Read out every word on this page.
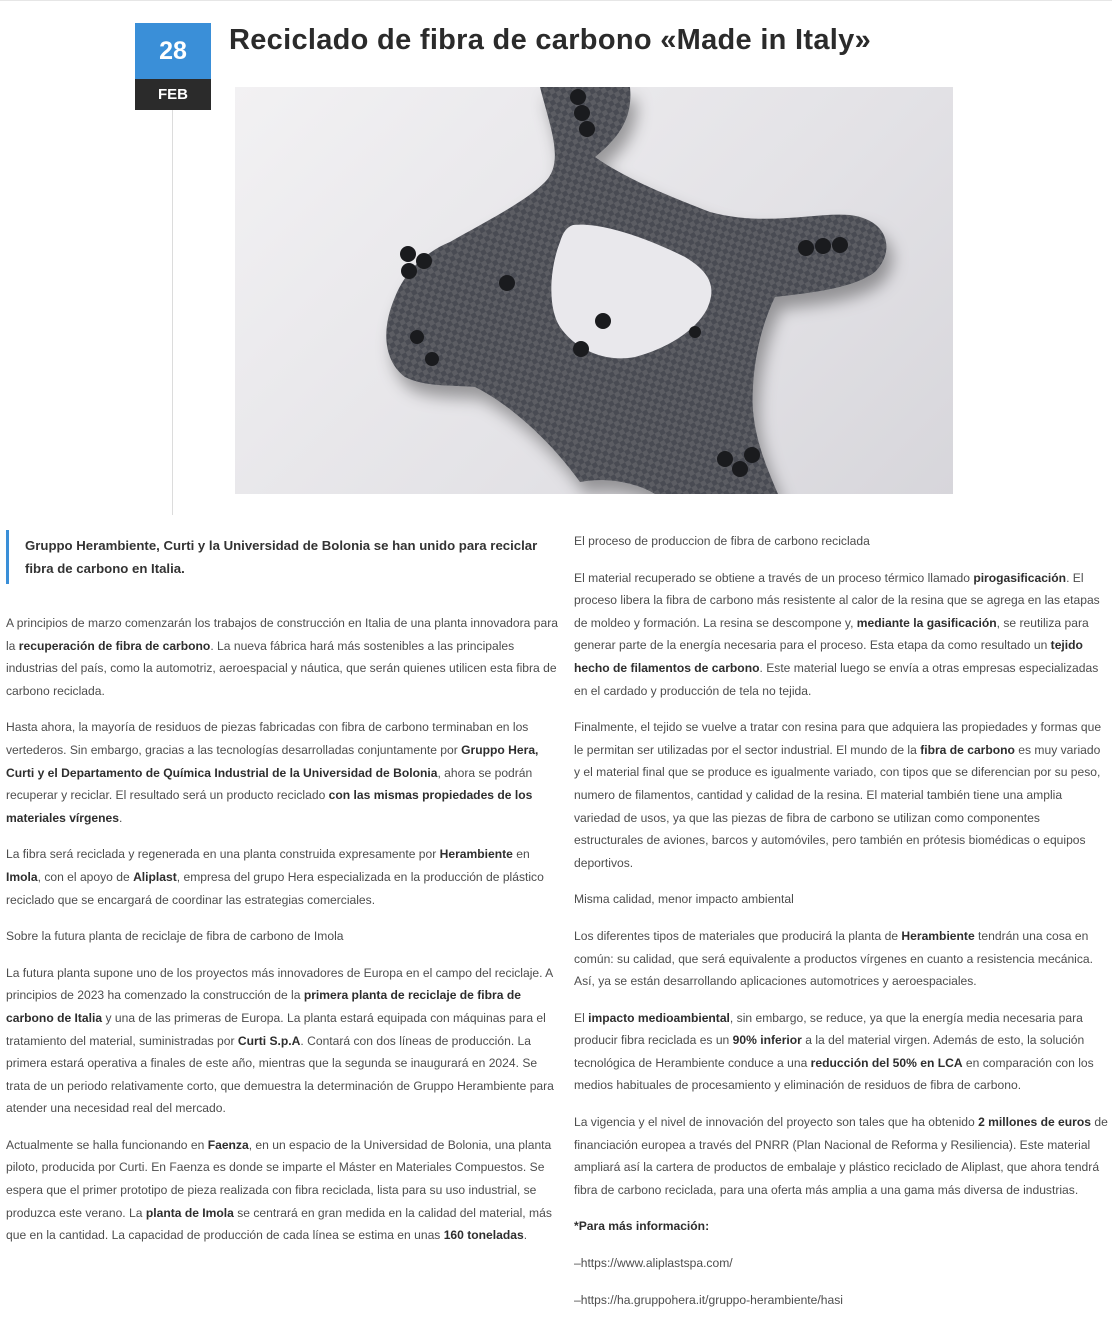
28
FEB
Reciclado de fibra de carbono «Made in Italy»
Gruppo Herambiente, Curti y la Universidad de Bolonia se han unido para reciclar fibra de carbono en Italia.

A principios de marzo comenzarán los trabajos de construcción en Italia de una planta innovadora para la recuperación de fibra de carbono. La nueva fábrica hará más sostenibles a las principales industrias del país, como la automotriz, aeroespacial y náutica, que serán quienes utilicen esta fibra de carbono reciclada.

Hasta ahora, la mayoría de residuos de piezas fabricadas con fibra de carbono terminaban en los vertederos. Sin embargo, gracias a las tecnologías desarrolladas conjuntamente por Gruppo Hera, Curti y el Departamento de Química Industrial de la Universidad de Bolonia, ahora se podrán recuperar y reciclar. El resultado será un producto reciclado con las mismas propiedades de los materiales vírgenes.

La fibra será reciclada y regenerada en una planta construida expresamente por Herambiente en Imola, con el apoyo de Aliplast, empresa del grupo Hera especializada en la producción de plástico reciclado que se encargará de coordinar las estrategias comerciales.

Sobre la futura planta de reciclaje de fibra de carbono de Imola

La futura planta supone uno de los proyectos más innovadores de Europa en el campo del reciclaje. A principios de 2023 ha comenzado la construcción de la primera planta de reciclaje de fibra de carbono de Italia y una de las primeras de Europa. La planta estará equipada con máquinas para el tratamiento del material, suministradas por Curti S.p.A. Contará con dos líneas de producción. La primera estará operativa a finales de este año, mientras que la segunda se inaugurará en 2024. Se trata de un periodo relativamente corto, que demuestra la determinación de Gruppo Herambiente para atender una necesidad real del mercado.

Actualmente se halla funcionando en Faenza, en un espacio de la Universidad de Bolonia, una planta piloto, producida por Curti. En Faenza es donde se imparte el Máster en Materiales Compuestos. Se espera que el primer prototipo de pieza realizada con fibra reciclada, lista para su uso industrial, se produzca este verano. La planta de Imola se centrará en gran medida en la calidad del material, más que en la cantidad. La capacidad de producción de cada línea se estima en unas 160 toneladas.

El proceso de produccion de fibra de carbono reciclada

El material recuperado se obtiene a través de un proceso térmico llamado pirogasificación. El proceso libera la fibra de carbono más resistente al calor de la resina que se agrega en las etapas de moldeo y formación. La resina se descompone y, mediante la gasificación, se reutiliza para generar parte de la energía necesaria para el proceso. Esta etapa da como resultado un tejido hecho de filamentos de carbono. Este material luego se envía a otras empresas especializadas en el cardado y producción de tela no tejida.

Finalmente, el tejido se vuelve a tratar con resina para que adquiera las propiedades y formas que le permitan ser utilizadas por el sector industrial. El mundo de la fibra de carbono es muy variado y el material final que se produce es igualmente variado, con tipos que se diferencian por su peso, numero de filamentos, cantidad y calidad de la resina. El material también tiene una amplia variedad de usos, ya que las piezas de fibra de carbono se utilizan como componentes estructurales de aviones, barcos y automóviles, pero también en prótesis biomédicas o equipos deportivos.

Misma calidad, menor impacto ambiental

Los diferentes tipos de materiales que producirá la planta de Herambiente tendrán una cosa en común: su calidad, que será equivalente a productos vírgenes en cuanto a resistencia mecánica. Así, ya se están desarrollando aplicaciones automotrices y aeroespaciales.

El impacto medioambiental, sin embargo, se reduce, ya que la energía media necesaria para producir fibra reciclada es un 90% inferior a la del material virgen. Además de esto, la solución tecnológica de Herambiente conduce a una reducción del 50% en LCA en comparación con los medios habituales de procesamiento y eliminación de residuos de fibra de carbono.

La vigencia y el nivel de innovación del proyecto son tales que ha obtenido 2 millones de euros de financiación europea a través del PNRR (Plan Nacional de Reforma y Resiliencia). Este material ampliará así la cartera de productos de embalaje y plástico reciclado de Aliplast, que ahora tendrá fibra de carbono reciclada, para una oferta más amplia a una gama más diversa de industrias.

*Para más información:

–https://www.aliplastspa.com/

–https://ha.gruppohera.it/gruppo-herambiente/hasi
